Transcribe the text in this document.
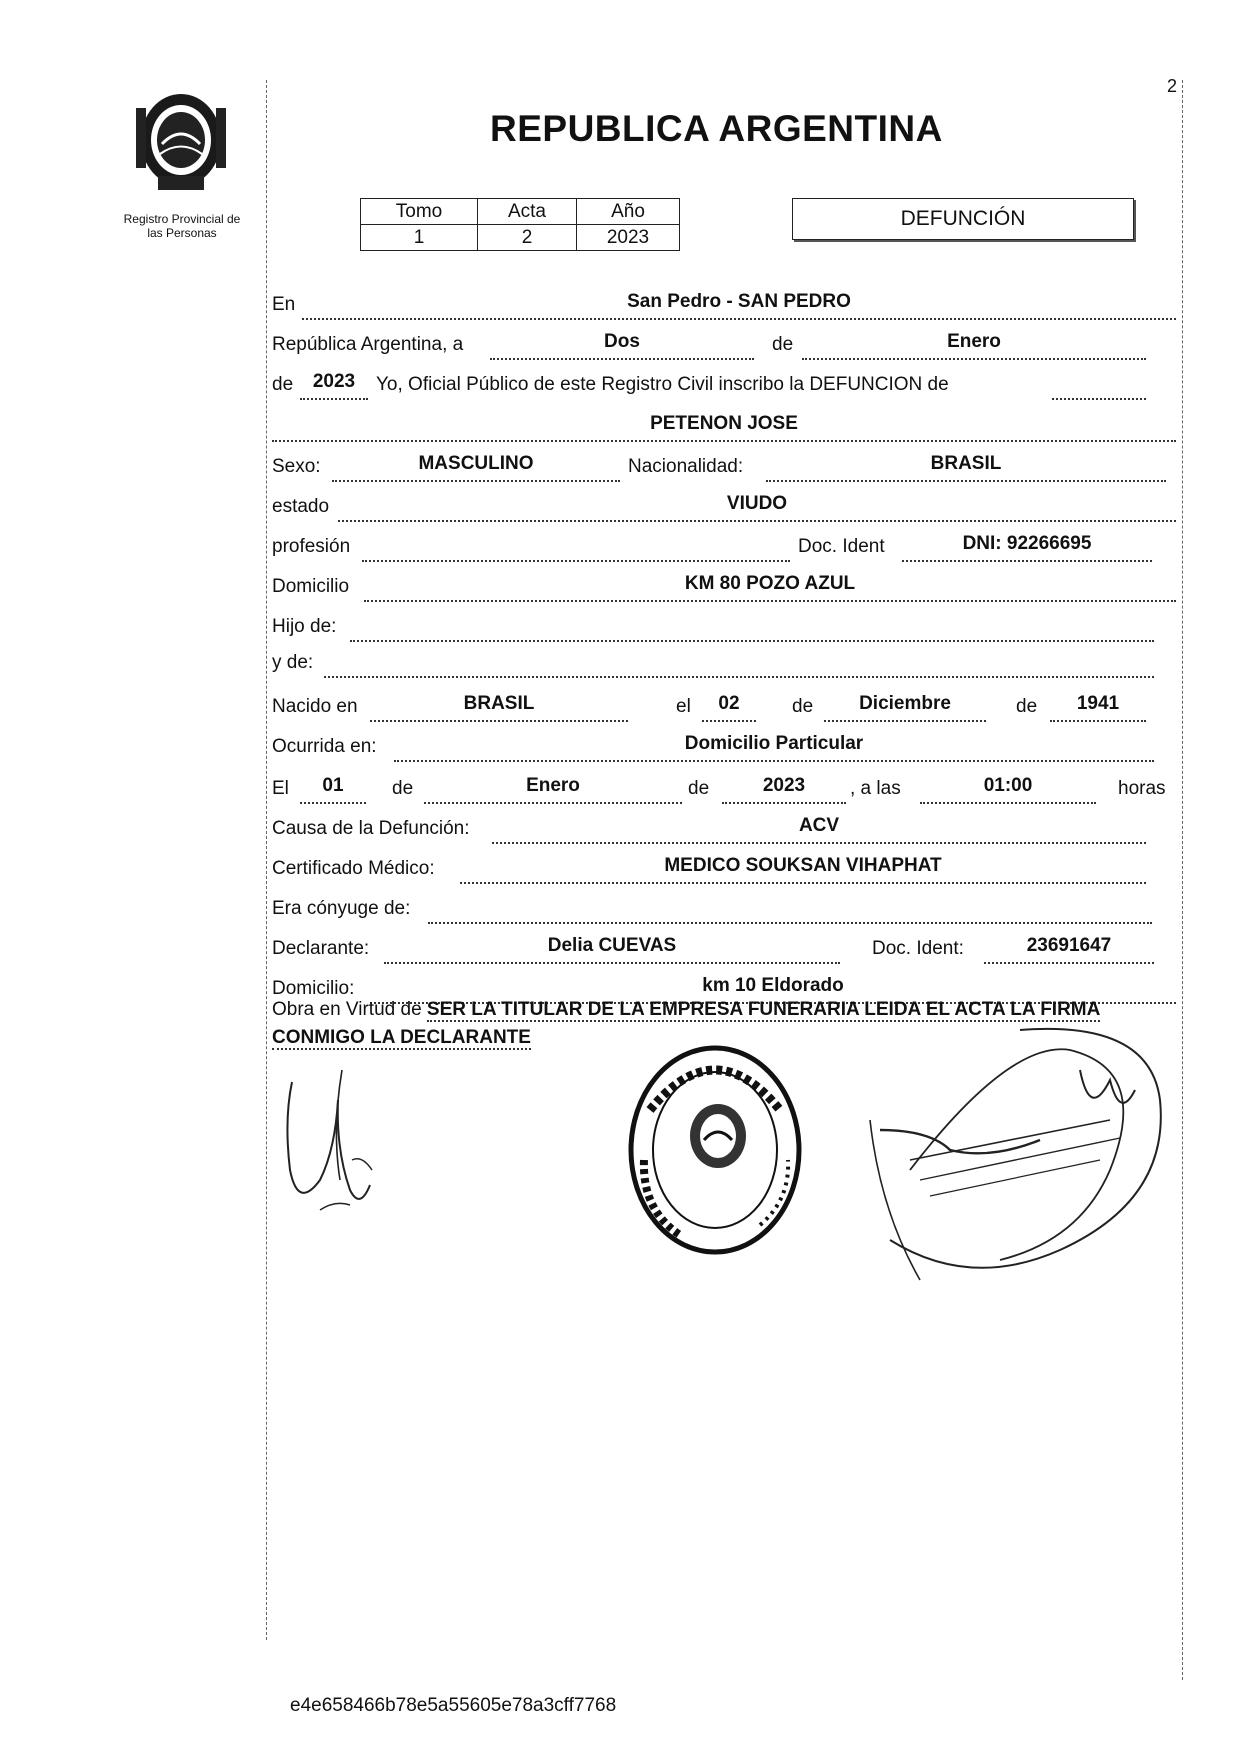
Registro Provincial de
las Personas
2
REPUBLICA ARGENTINA
Tomo	Acta	Año
1	2	2023
DEFUNCIÓN
En	San Pedro - SAN PEDRO
República Argentina, a	Dos	de	Enero
de	2023	Yo, Oficial Público de este Registro Civil inscribo la DEFUNCION de
PETENON JOSE
Sexo:	MASCULINO	Nacionalidad:	BRASIL
estado	VIUDO
profesión	Doc. Ident	DNI: 92266695
Domicilio	KM 80 POZO AZUL
Hijo de:
y de:
Nacido en	BRASIL	el	02	de	Diciembre	de	1941
Ocurrida en:	Domicilio Particular
El	01	de	Enero	de	2023	, a las	01:00	horas
Causa de la Defunción:	ACV
Certificado Médico:	MEDICO SOUKSAN VIHAPHAT
Era cónyuge de:
Declarante:	Delia CUEVAS	Doc. Ident:	23691647
Domicilio:	km 10 Eldorado
Obra en Virtud de SER LA TITULAR DE LA EMPRESA FUNERARIA LEIDA EL ACTA LA FIRMA CONMIGO LA DECLARANTE
e4e658466b78e5a55605e78a3cff7768
